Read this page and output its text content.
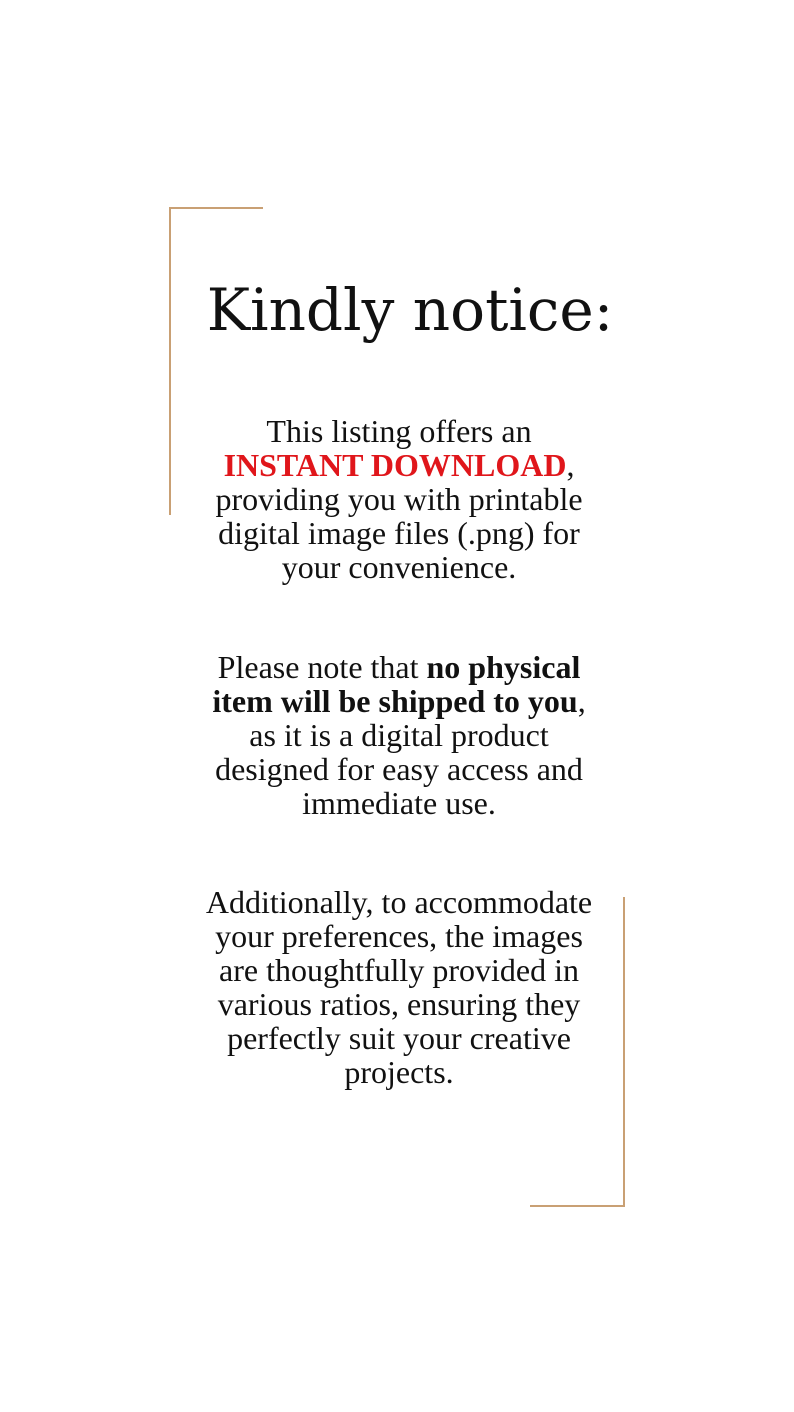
Kindly notice:

This listing offers an INSTANT DOWNLOAD, providing you with printable digital image files (.png) for your convenience.

Please note that no physical item will be shipped to you, as it is a digital product designed for easy access and immediate use.

Additionally, to accommodate your preferences, the images are thoughtfully provided in various ratios, ensuring they perfectly suit your creative projects.
